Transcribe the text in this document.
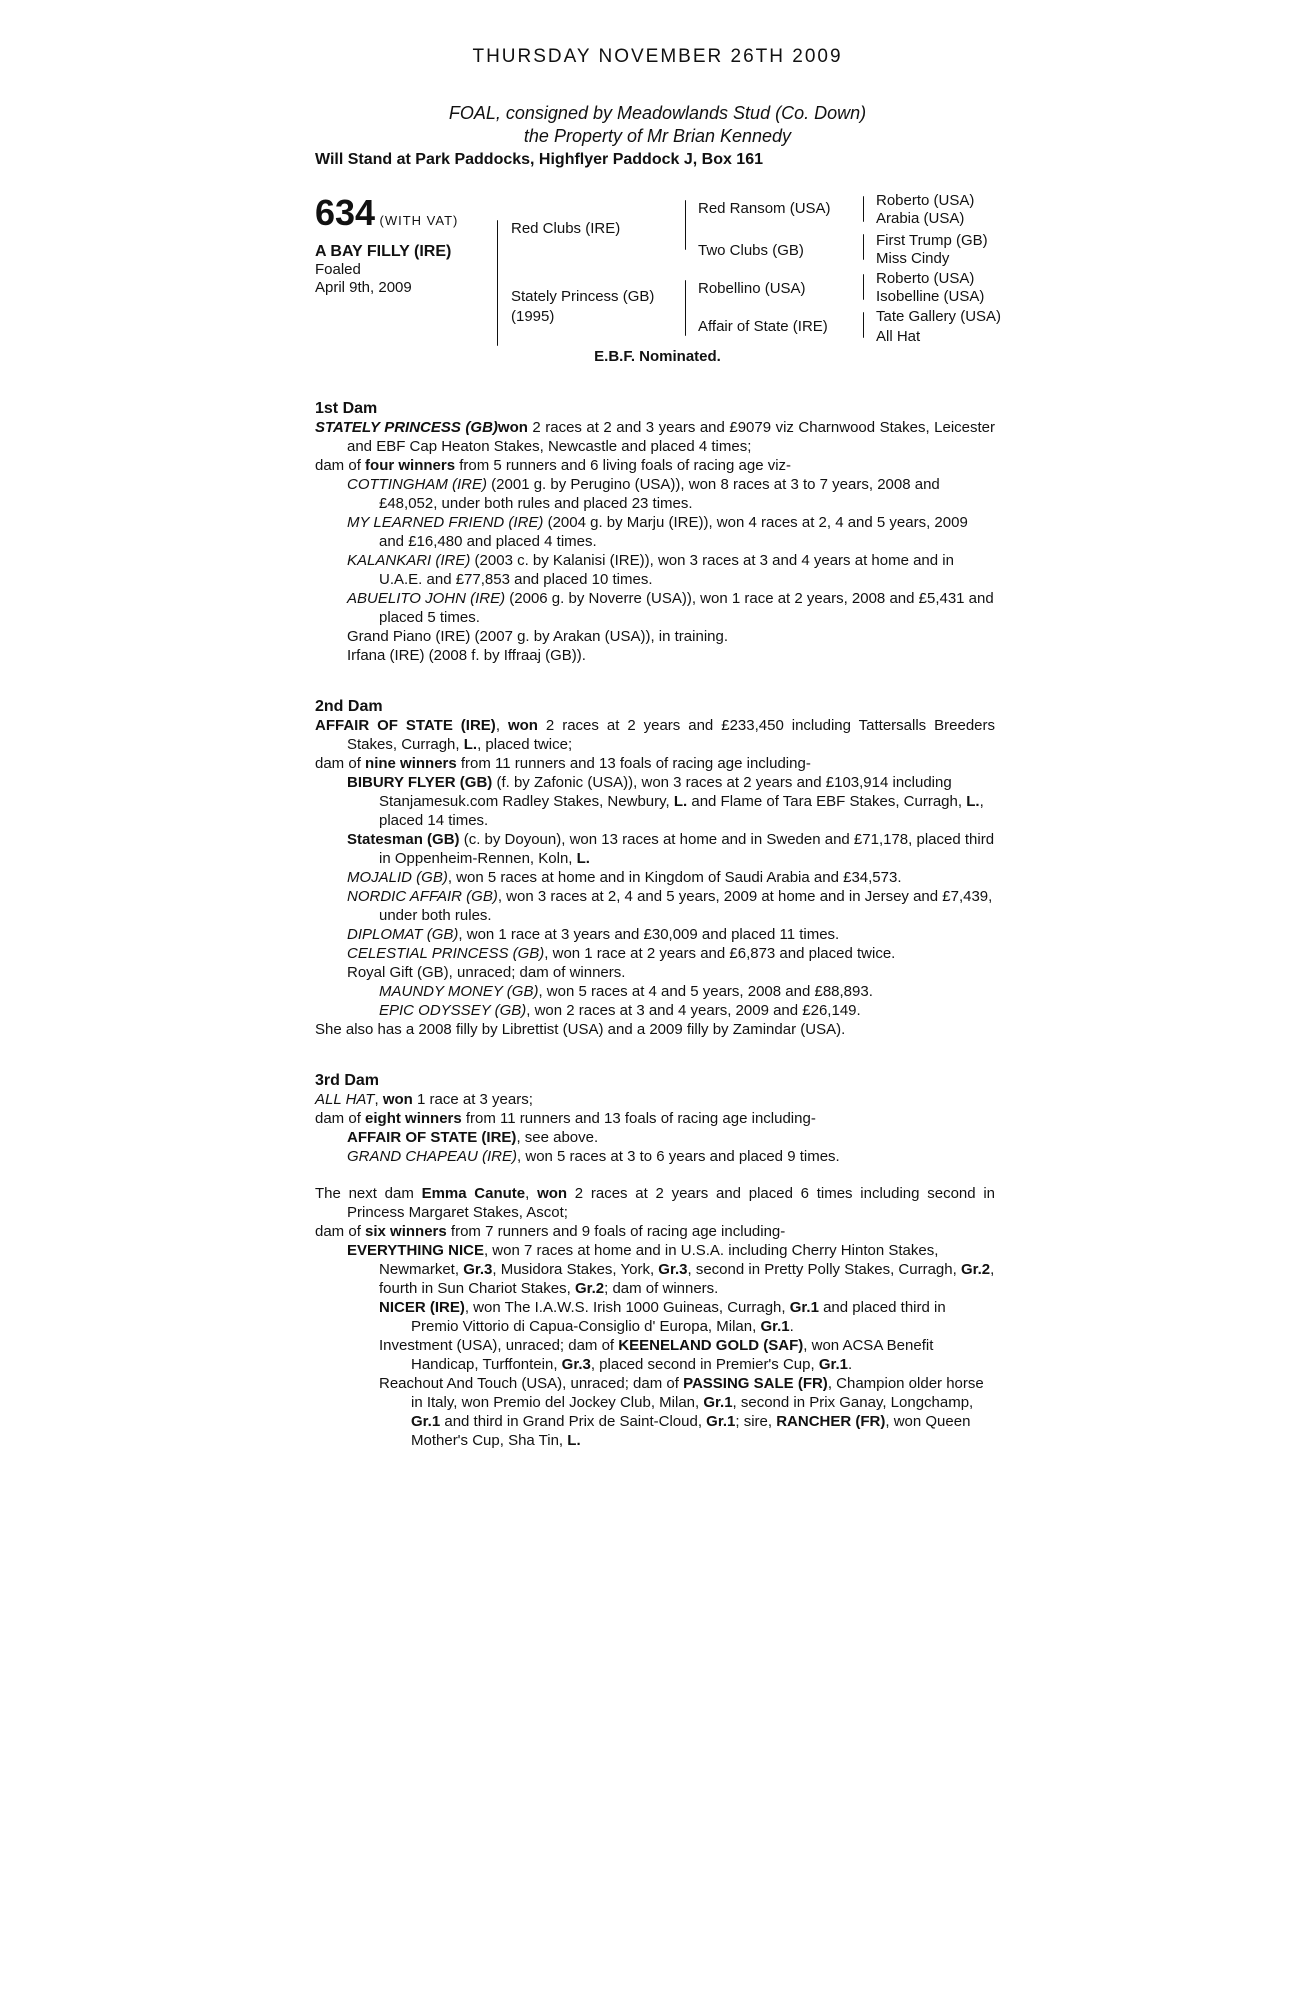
THURSDAY NOVEMBER 26TH 2009
FOAL, consigned by Meadowlands Stud (Co. Down)
the Property of Mr Brian Kennedy
Will Stand at Park Paddocks, Highflyer Paddock J, Box 161
634 (WITH VAT)
A BAY FILLY (IRE)
Foaled
April 9th, 2009
Red Clubs (IRE)
Stately Princess (GB)
(1995)
Red Ransom (USA)
Two Clubs (GB)
Robellino (USA)
Affair of State (IRE)
Roberto (USA)
Arabia (USA)
First Trump (GB)
Miss Cindy
Roberto (USA)
Isobelline (USA)
Tate Gallery (USA)
All Hat
E.B.F. Nominated.
1st Dam
STATELY PRINCESS (GB)won 2 races at 2 and 3 years and £9079 viz Charnwood Stakes, Leicester and EBF Cap Heaton Stakes, Newcastle and placed 4 times;
dam of four winners from 5 runners and 6 living foals of racing age viz-
COTTINGHAM (IRE) (2001 g. by Perugino (USA)), won 8 races at 3 to 7 years, 2008 and £48,052, under both rules and placed 23 times.
MY LEARNED FRIEND (IRE) (2004 g. by Marju (IRE)), won 4 races at 2, 4 and 5 years, 2009 and £16,480 and placed 4 times.
KALANKARI (IRE) (2003 c. by Kalanisi (IRE)), won 3 races at 3 and 4 years at home and in U.A.E. and £77,853 and placed 10 times.
ABUELITO JOHN (IRE) (2006 g. by Noverre (USA)), won 1 race at 2 years, 2008 and £5,431 and placed 5 times.
Grand Piano (IRE) (2007 g. by Arakan (USA)), in training.
Irfana (IRE) (2008 f. by Iffraaj (GB)).
2nd Dam
AFFAIR OF STATE (IRE), won 2 races at 2 years and £233,450 including Tattersalls Breeders Stakes, Curragh, L., placed twice;
dam of nine winners from 11 runners and 13 foals of racing age including-
BIBURY FLYER (GB) (f. by Zafonic (USA)), won 3 races at 2 years and £103,914 including Stanjamesuk.com Radley Stakes, Newbury, L. and Flame of Tara EBF Stakes, Curragh, L., placed 14 times.
Statesman (GB) (c. by Doyoun), won 13 races at home and in Sweden and £71,178, placed third in Oppenheim-Rennen, Koln, L.
MOJALID (GB), won 5 races at home and in Kingdom of Saudi Arabia and £34,573.
NORDIC AFFAIR (GB), won 3 races at 2, 4 and 5 years, 2009 at home and in Jersey and £7,439, under both rules.
DIPLOMAT (GB), won 1 race at 3 years and £30,009 and placed 11 times.
CELESTIAL PRINCESS (GB), won 1 race at 2 years and £6,873 and placed twice.
Royal Gift (GB), unraced; dam of winners.
MAUNDY MONEY (GB), won 5 races at 4 and 5 years, 2008 and £88,893.
EPIC ODYSSEY (GB), won 2 races at 3 and 4 years, 2009 and £26,149.
She also has a 2008 filly by Librettist (USA) and a 2009 filly by Zamindar (USA).
3rd Dam
ALL HAT, won 1 race at 3 years;
dam of eight winners from 11 runners and 13 foals of racing age including-
AFFAIR OF STATE (IRE), see above.
GRAND CHAPEAU (IRE), won 5 races at 3 to 6 years and placed 9 times.
The next dam Emma Canute, won 2 races at 2 years and placed 6 times including second in Princess Margaret Stakes, Ascot;
dam of six winners from 7 runners and 9 foals of racing age including-
EVERYTHING NICE, won 7 races at home and in U.S.A. including Cherry Hinton Stakes, Newmarket, Gr.3, Musidora Stakes, York, Gr.3, second in Pretty Polly Stakes, Curragh, Gr.2, fourth in Sun Chariot Stakes, Gr.2; dam of winners.
NICER (IRE), won The I.A.W.S. Irish 1000 Guineas, Curragh, Gr.1 and placed third in Premio Vittorio di Capua-Consiglio d' Europa, Milan, Gr.1.
Investment (USA), unraced; dam of KEENELAND GOLD (SAF), won ACSA Benefit Handicap, Turffontein, Gr.3, placed second in Premier's Cup, Gr.1.
Reachout And Touch (USA), unraced; dam of PASSING SALE (FR), Champion older horse in Italy, won Premio del Jockey Club, Milan, Gr.1, second in Prix Ganay, Longchamp, Gr.1 and third in Grand Prix de Saint-Cloud, Gr.1; sire, RANCHER (FR), won Queen Mother's Cup, Sha Tin, L.
